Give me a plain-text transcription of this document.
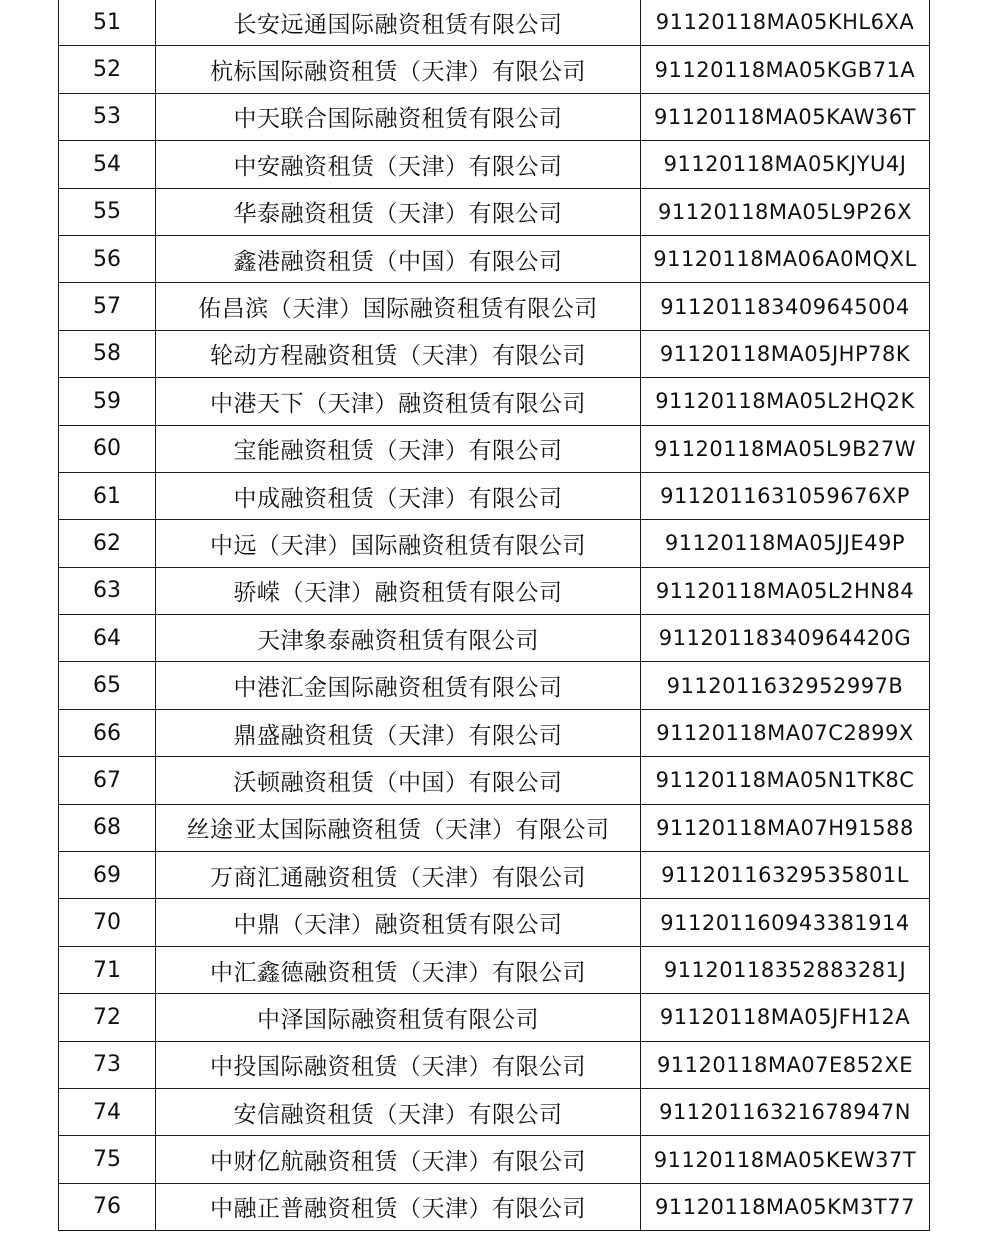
51	长安远通国际融资租赁有限公司	91120118MA05KHL6XA
52	杭标国际融资租赁（天津）有限公司	91120118MA05KGB71A
53	中天联合国际融资租赁有限公司	91120118MA05KAW36T
54	中安融资租赁（天津）有限公司	91120118MA05KJYU4J
55	华泰融资租赁（天津）有限公司	91120118MA05L9P26X
56	鑫港融资租赁（中国）有限公司	91120118MA06A0MQXL
57	佑昌滨（天津）国际融资租赁有限公司	911201183409645004
58	轮动方程融资租赁（天津）有限公司	91120118MA05JHP78K
59	中港天下（天津）融资租赁有限公司	91120118MA05L2HQ2K
60	宝能融资租赁（天津）有限公司	91120118MA05L9B27W
61	中成融资租赁（天津）有限公司	9112011631059676XP
62	中远（天津）国际融资租赁有限公司	91120118MA05JJE49P
63	骄嵘（天津）融资租赁有限公司	91120118MA05L2HN84
64	天津象泰融资租赁有限公司	91120118340964420G
65	中港汇金国际融资租赁有限公司	9112011632952997B
66	鼎盛融资租赁（天津）有限公司	91120118MA07C2899X
67	沃顿融资租赁（中国）有限公司	91120118MA05N1TK8C
68	丝途亚太国际融资租赁（天津）有限公司	91120118MA07H91588
69	万商汇通融资租赁（天津）有限公司	91120116329535801L
70	中鼎（天津）融资租赁有限公司	911201160943381914
71	中汇鑫德融资租赁（天津）有限公司	91120118352883281J
72	中泽国际融资租赁有限公司	91120118MA05JFH12A
73	中投国际融资租赁（天津）有限公司	91120118MA07E852XE
74	安信融资租赁（天津）有限公司	91120116321678947N
75	中财亿航融资租赁（天津）有限公司	91120118MA05KEW37T
76	中融正普融资租赁（天津）有限公司	91120118MA05KM3T77
